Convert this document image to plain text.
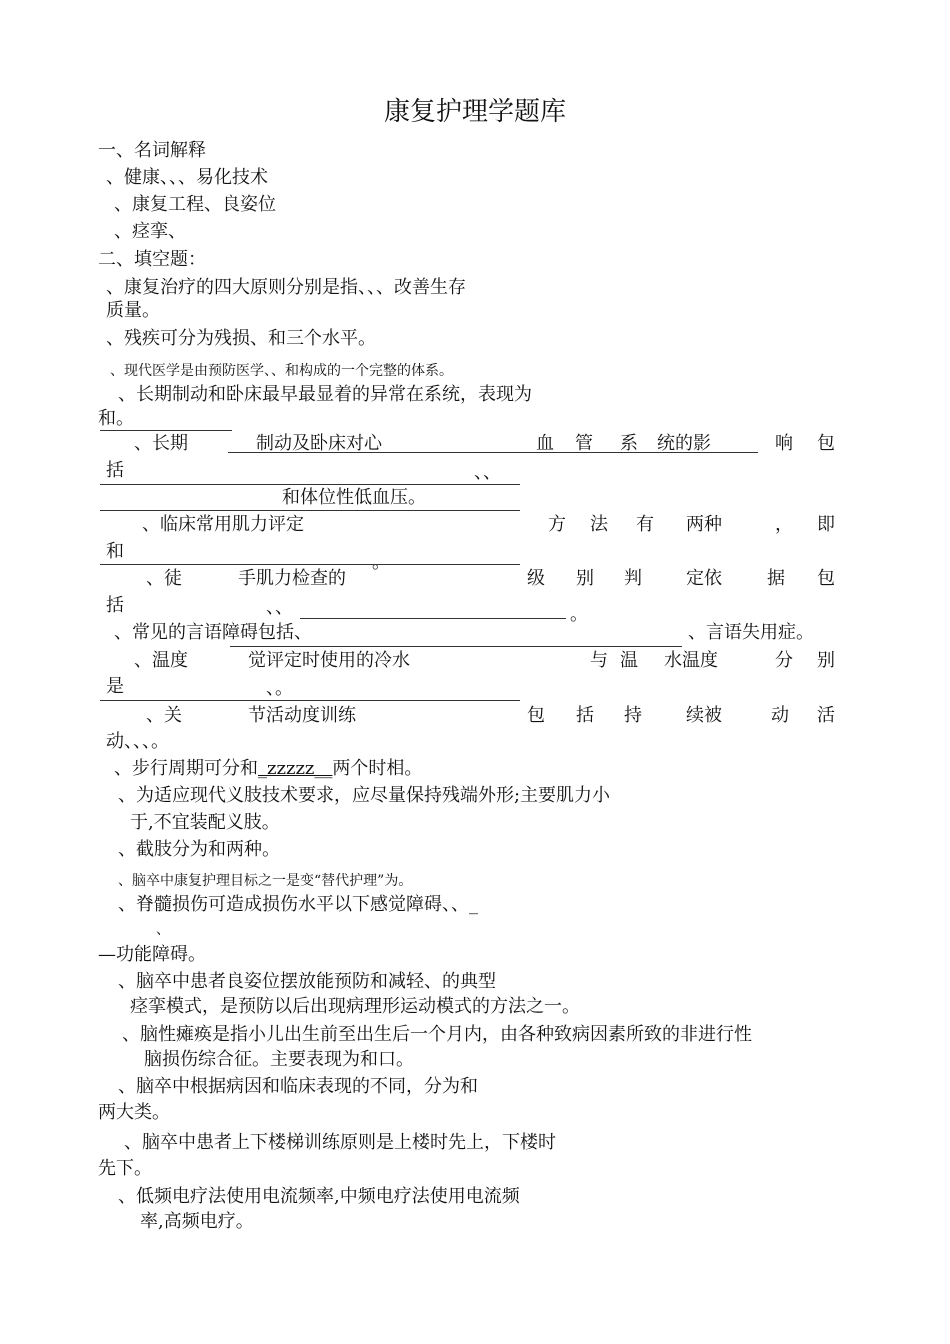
康复护理学题库
一、名词解释
、健康、、、易化技术
、康复工程、良姿位
、痉挛、
二、填空题：
、康复治疗的四大原则分别是指、、、改善生存
质量。
、残疾可分为残损、和三个水平。
、现代医学是由预防医学、、和构成的一个完整的体系。
、长期制动和卧床最早最显着的异常在系统，表现为
和。
、长期	制动及卧床对心	血 管 系 统的影	响 包
括	、、
和体位性低血压。
、临床常用肌力评定	方 法 有 两种	， 即
和
。
、徒	手肌力检查的	级 别 判 定依	据 包
括	、、	。
、常见的言语障碍包括、	、言语失用症。
、温度	觉评定时使用的冷水	与 温 水温度	分 别
是	、。
、关	节活动度训练	包 括 持 续被	动 活
动、、、。
、步行周期可分和_zzzzz__两个时相。
、为适应现代义肢技术要求，应尽量保持残端外形;主要肌力小
于,不宜装配义肢。
、截肢分为和两种。
、脑卒中康复护理目标之一是变“替代护理”为。
、脊髓损伤可造成损伤水平以下感觉障碍、、_
、
—功能障碍。
、脑卒中患者良姿位摆放能预防和减轻、的典型
痉挛模式，是预防以后出现病理形运动模式的方法之一。
、脑性瘫痪是指小儿出生前至出生后一个月内，由各种致病因素所致的非进行性
脑损伤综合征。主要表现为和口。
、脑卒中根据病因和临床表现的不同，分为和
两大类。
、脑卒中患者上下楼梯训练原则是上楼时先上，下楼时
先下。
、低频电疗法使用电流频率,中频电疗法使用电流频
率,高频电疗。
